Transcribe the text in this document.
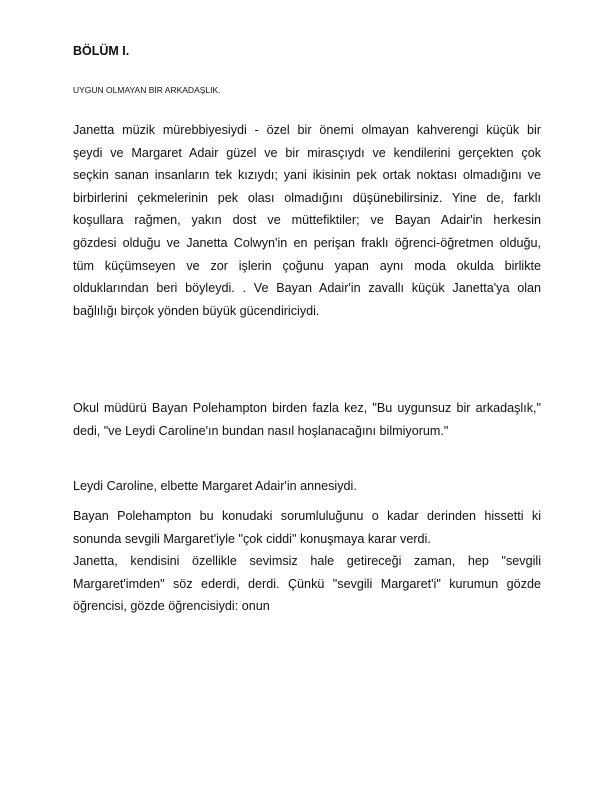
BÖLÜM I.
UYGUN OLMAYAN BİR ARKADAŞLIK.
Janetta müzik mürebbiyesiydi - özel bir önemi olmayan kahverengi küçük bir
şeydi ve Margaret Adair güzel ve bir mirasçıydı ve kendilerini gerçekten çok
seçkin sanan insanların tek kızıydı; yani ikisinin pek ortak noktası olmadığını ve
birbirlerini çekmelerinin pek olası olmadığını düşünebilirsiniz. Yine de, farklı
koşullara rağmen, yakın dost ve müttefiktiler; ve Bayan Adair'in herkesin
gözdesi olduğu ve Janetta Colwyn'in en perişan fraklı öğrenci-öğretmen olduğu,
tüm küçümseyen ve zor işlerin çoğunu yapan aynı moda okulda birlikte
olduklarından beri böyleydi. . Ve Bayan Adair'in zavallı küçük Janetta'ya olan
bağlılığı birçok yönden büyük gücendiriciydi.
Okul müdürü Bayan Polehampton birden fazla kez, "Bu uygunsuz bir arkadaşlık,"
dedi, "ve Leydi Caroline'ın bundan nasıl hoşlanacağını bilmiyorum."
Leydi Caroline, elbette Margaret Adair'in annesiydi.
Bayan Polehampton bu konudaki sorumluluğunu o kadar derinden hissetti ki
sonunda sevgili Margaret'iyle "çok ciddi" konuşmaya karar verdi.
Janetta, kendisini özellikle sevimsiz hale getireceği zaman, hep "sevgili
Margaret'imden" söz ederdi, derdi. Çünkü "sevgili Margaret'i" kurumun gözde
öğrencisi, gözde öğrencisiydi: onun
